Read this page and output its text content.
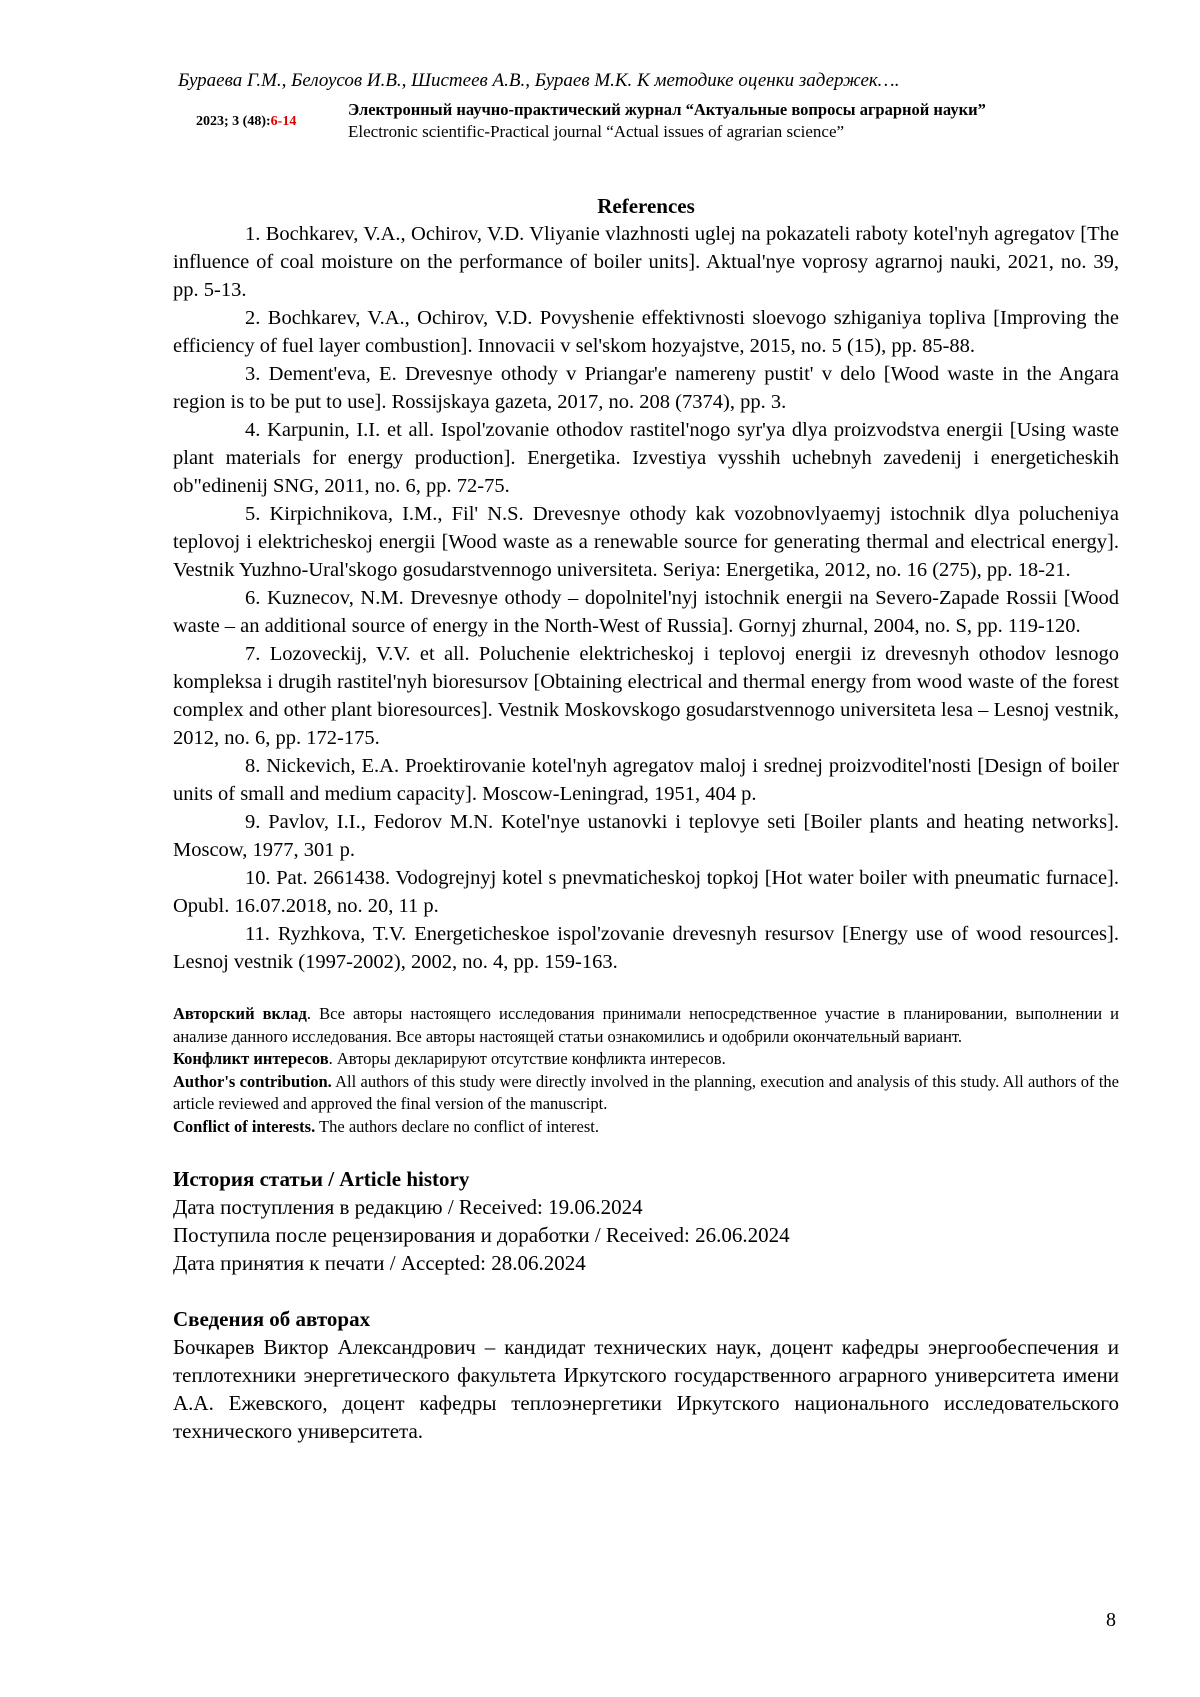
Бураева Г.М., Белоусов И.В., Шистеев А.В., Бураев М.К. К методике оценки задержек….
2023; 3 (48):6-14
Электронный научно-практический журнал “Актуальные вопросы аграрной науки”
Electronic scientific-Practical journal “Actual issues of agrarian science”
References
1. Bochkarev, V.A., Ochirov, V.D. Vliyanie vlazhnosti uglej na pokazateli raboty kotel'nyh agregatov [The influence of coal moisture on the performance of boiler units]. Aktual'nye voprosy agrarnoj nauki, 2021, no. 39, pp. 5-13.
2. Bochkarev, V.A., Ochirov, V.D. Povyshenie effektivnosti sloevogo szhiganiya topliva [Improving the efficiency of fuel layer combustion]. Innovacii v sel'skom hozyajstve, 2015, no. 5 (15), pp. 85-88.
3. Dement'eva, E. Drevesnye othody v Priangar'e namereny pustit' v delo [Wood waste in the Angara region is to be put to use]. Rossijskaya gazeta, 2017, no. 208 (7374), pp. 3.
4. Karpunin, I.I. et all. Ispol'zovanie othodov rastitel'nogo syr'ya dlya proizvodstva energii [Using waste plant materials for energy production]. Energetika. Izvestiya vysshih uchebnyh zavedenij i energeticheskih ob"edinenij SNG, 2011, no. 6, pp. 72-75.
5. Kirpichnikova, I.M., Fil' N.S. Drevesnye othody kak vozobnovlyaemyj istochnik dlya polucheniya teplovoj i elektricheskoj energii [Wood waste as a renewable source for generating thermal and electrical energy]. Vestnik Yuzhno-Ural'skogo gosudarstvennogo universiteta. Seriya: Energetika, 2012, no. 16 (275), pp. 18-21.
6. Kuznecov, N.M. Drevesnye othody – dopolnitel'nyj istochnik energii na Severo-Zapade Rossii [Wood waste – an additional source of energy in the North-West of Russia]. Gornyj zhurnal, 2004, no. S, pp. 119-120.
7. Lozoveckij, V.V. et all. Poluchenie elektricheskoj i teplovoj energii iz drevesnyh othodov lesnogo kompleksa i drugih rastitel'nyh bioresursov [Obtaining electrical and thermal energy from wood waste of the forest complex and other plant bioresources]. Vestnik Moskovskogo gosudarstvennogo universiteta lesa – Lesnoj vestnik, 2012, no. 6, pp. 172-175.
8. Nickevich, E.A. Proektirovanie kotel'nyh agregatov maloj i srednej proizvoditel'nosti [Design of boiler units of small and medium capacity]. Moscow-Leningrad, 1951, 404 p.
9. Pavlov, I.I., Fedorov M.N. Kotel'nye ustanovki i teplovye seti [Boiler plants and heating networks]. Moscow, 1977, 301 p.
10. Pat. 2661438. Vodogrejnyj kotel s pnevmaticheskoj topkoj [Hot water boiler with pneumatic furnace]. Opubl. 16.07.2018, no. 20, 11 p.
11. Ryzhkova, T.V. Energeticheskoe ispol'zovanie drevesnyh resursov [Energy use of wood resources]. Lesnoj vestnik (1997-2002), 2002, no. 4, pp. 159-163.

Авторский вклад. Все авторы настоящего исследования принимали непосредственное участие в планировании, выполнении и анализе данного исследования. Все авторы настоящей статьи ознакомились и одобрили окончательный вариант.

Конфликт интересов. Авторы декларируют отсутствие конфликта интересов.

Author's contribution. All authors of this study were directly involved in the planning, execution and analysis of this study. All authors of the article reviewed and approved the final version of the manuscript.

Conflict of interests. The authors declare no conflict of interest.

История статьи / Article history

Дата поступления в редакцию / Received: 19.06.2024

Поступила после рецензирования и доработки / Received: 26.06.2024

Дата принятия к печати / Accepted: 28.06.2024

Сведения об авторах

Бочкарев Виктор Александрович – кандидат технических наук, доцент кафедры энергообеспечения и теплотехники энергетического факультета Иркутского государственного аграрного университета имени А.А. Ежевского, доцент кафедры теплоэнергетики Иркутского национального исследовательского технического университета.

8
